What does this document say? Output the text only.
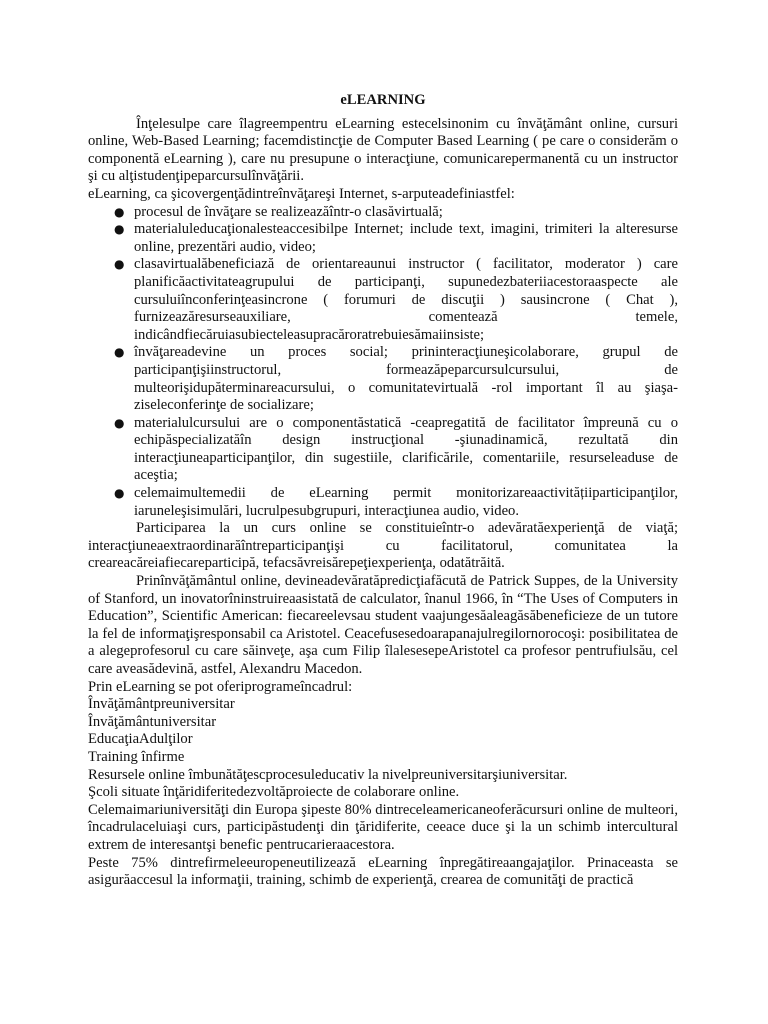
eLEARNING

Înţelesulpe care îlagreempentru eLearning estecelsinonim cu învăţământ online, cursuri online, Web-Based Learning; facemdistincţie de Computer Based Learning ( pe care o considerăm o componentă eLearning ), care nu presupune o interacţiune, comunicarepermanentă cu un instructor şi cu alţistudenţipeparcursulînvăţării.

eLearning, ca şicovergenţădintreînvăţareşi Internet, s-arputeadefiniastfel:

● procesul de învăţare se realizeazăîntr-o clasăvirtuală;
● materialuleducaţionalesteaccesibilpe Internet; include text, imagini, trimiteri la alteresurse online, prezentări audio, video;
● clasavirtualăbeneficiază de orientareaunui instructor ( facilitator, moderator ) care planificăactivitateagrupului de participanţi, supunedezbateriiacestoraaspecte ale cursuluiînconferinţeasincrone ( forumuri de discuţii ) sausincrone ( Chat ), furnizeazăresurseauxiliare, comentează temele, indicândfiecăruiasubiecteleasupracăroratrebuiesămaiinsiste;
● învăţareadevine un proces social; prininteracţiuneşicolaborare, grupul de participanţişiinstructorul, formeazăpeparcursulcursului, de multeorişidupăterminareacursului, o comunitatevirtuală -rol important îl au şiaşa-ziseleconferinţe de socializare;
● materialulcursului are o componentăstatică -ceapregatită de facilitator împreună cu o echipăspecializatăîn design instrucţional -şiunadinamică, rezultată din interacţiuneaparticipanţilor, din sugestiile, clarificările, comentariile, resurseleaduse de aceştia;
● celemaimultemedii de eLearning permit monitorizareaactivitățiiparticipanţilor, iaruneleşisimulări, lucrulpesubgrupuri, interacţiunea audio, video.

Participarea la un curs online se constituieîntr-o adevăratăexperienţă de viaţă; interacţiuneaextraordinarăîntreparticipanţişi cu facilitatorul, comunitatea la creareacăreiafiecareparticipă, tefacsăvreisărepeţiexperienţa, odatătrăită.

Prinînvăţământul online, devineadevăratăpredicţiafăcută de Patrick Suppes, de la University of Stanford, un inovatorîninstruireaasistată de calculator, înanul 1966, în “The Uses of Computers in Education”, Scientific American: fiecareelevsau student vaajungesăaleagăsăbeneficieze de un tutore la fel de informaţişresponsabil ca Aristotel. Ceacefusesedoarapanajulregilornorocoşi: posibilitatea de a alegeprofesorul cu care săinveţe, aşa cum Filip îlalesesepeAristotel ca profesor pentrufiulsău, cel care aveasădevină, astfel, Alexandru Macedon.

Prin eLearning se pot oferiprogrameîncadrul:

Învăţământpreuniversitar

Învăţământuniversitar

EducaţiaAdulţilor

Training înfirme

Resursele online îmbunătăţescprocesuleducativ la nivelpreuniversitarşiuniversitar.

Şcoli situate înţăridiferitedezvoltăproiecte de colaborare online.

Celemaimariuniversităţi din Europa şipeste 80% dintreceleamericaneoferăcursuri online de multeori, încadrulaceluiaşi curs, participăstudenţi din ţăridiferite, ceeace duce şi la un schimb intercultural extrem de interesantşi benefic pentrucarieraacestora.

Peste 75% dintrefirmeleeuropeneutilizează eLearning înpregătireaangajaţilor. Prinaceasta se asigurăaccesul la informaţii, training, schimb de experienţă, crearea de comunităţi de practică
